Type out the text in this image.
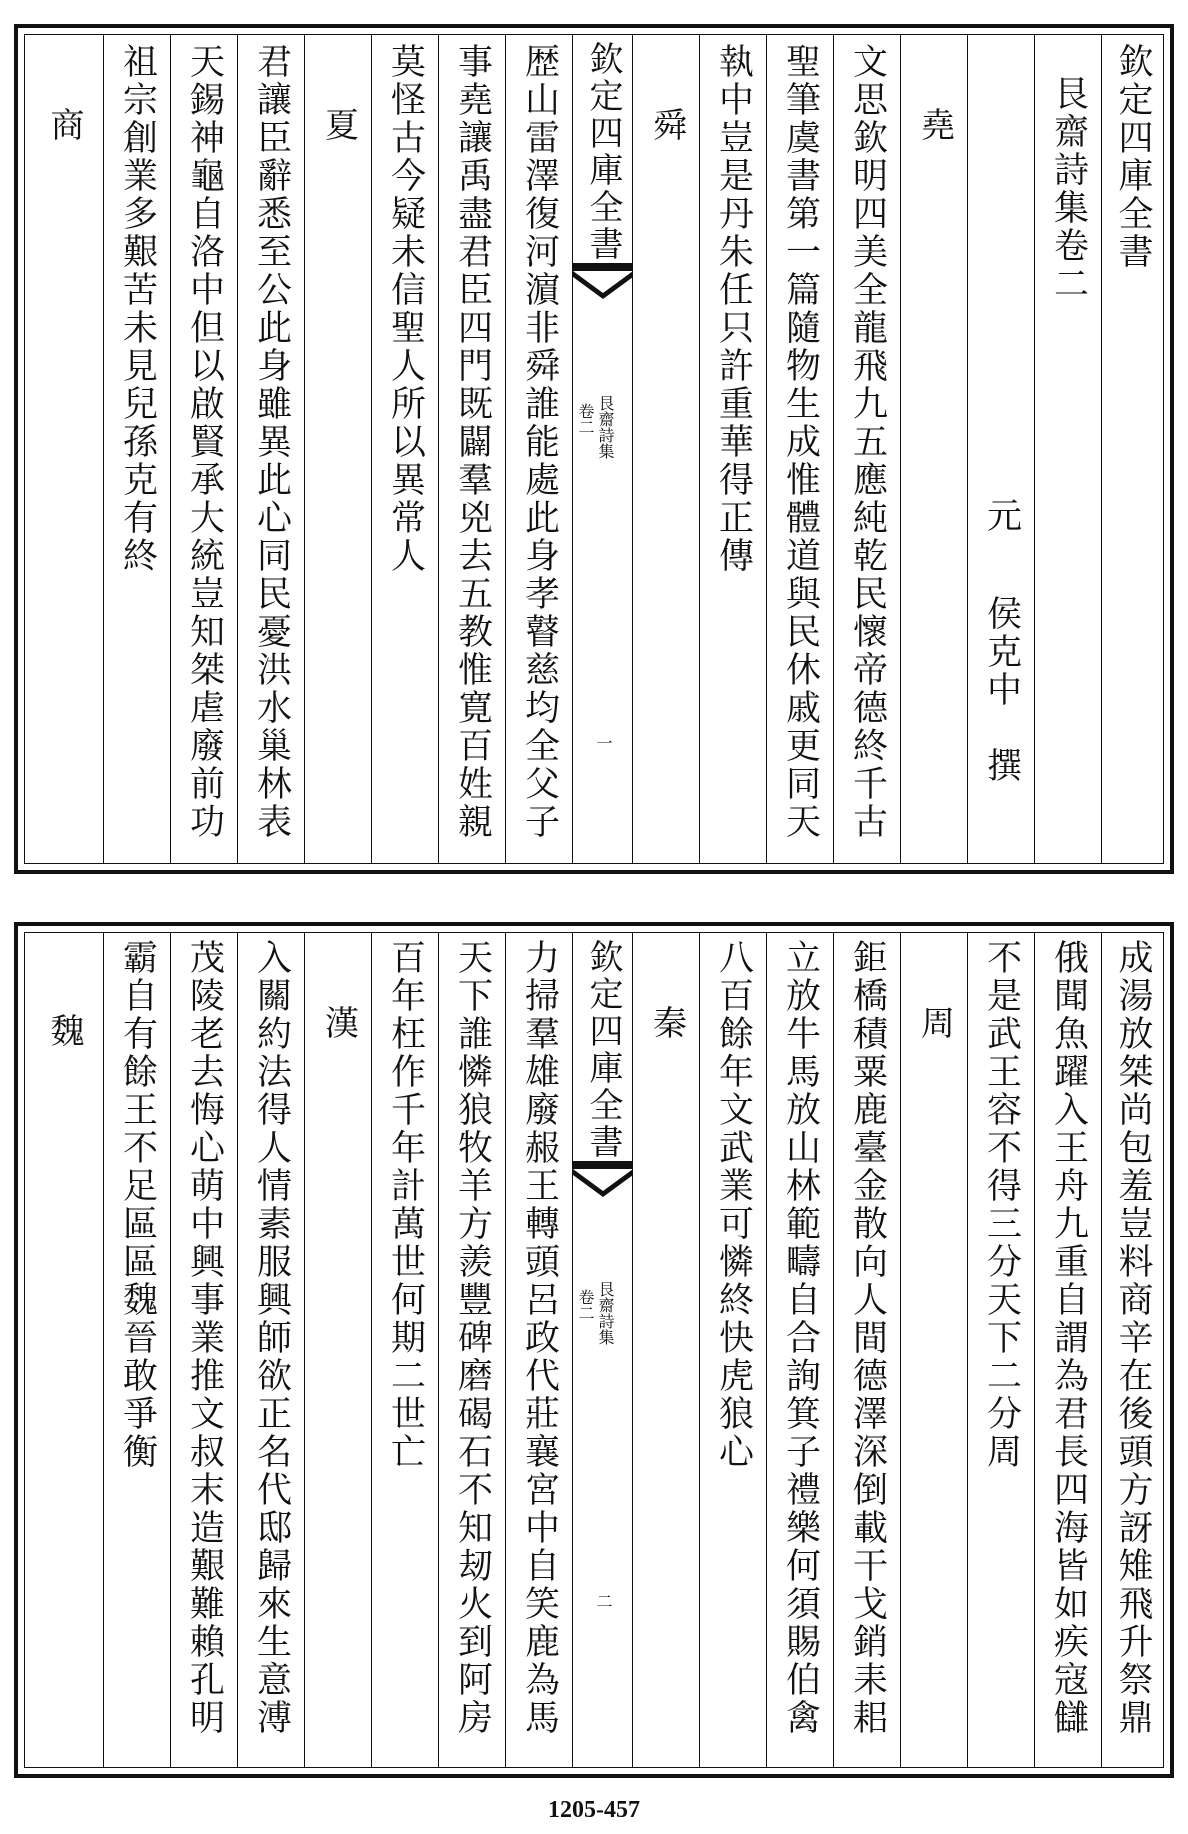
欽定四庫全書
艮齋詩集卷二
元
侯克中　撰
堯
文思欽明四美全龍飛九五應純乾民懷帝德終千古
聖筆虞書第一篇隨物生成惟體道與民休戚更同天
執中豈是丹朱任只許重華得正傳
舜
欽定四庫全書
艮齋詩集
卷二
一
歴山雷澤復河濵非舜誰能處此身孝瞽慈均全父子
事堯讓禹盡君臣四門既闢羣兇去五教惟寛百姓親
莫怪古今疑未信聖人所以異常人
夏
君讓臣辭悉至公此身雖異此心同民憂洪水巢林表
天錫神龜自洛中但以啟賢承大統豈知桀虐廢前功
祖宗創業多艱苦未見兒孫克有終
商
成湯放桀尚包羞豈料商辛在後頭方訝雉飛升祭鼎
俄聞魚躍入王舟九重自謂為君長四海皆如疾寇讎
不是武王容不得三分天下二分周
周
鉅橋積粟鹿臺金散向人間德澤深倒載干戈銷耒耜
立放牛馬放山林範疇自合詢箕子禮樂何須賜伯禽
八百餘年文武業可憐終快虎狼心
秦
欽定四庫全書
艮齋詩集
卷二
二
力掃羣雄廢赧王轉頭呂政代莊襄宮中自笑鹿為馬
天下誰憐狼牧羊方羨豐碑磨碣石不知刼火到阿房
百年枉作千年計萬世何期二世亡
漢
入關約法得人情素服興師欲正名代邸歸來生意溥
茂陵老去悔心萌中興事業推文叔末造艱難賴孔明
霸自有餘王不足區區魏晉敢爭衡
魏
1205-457
